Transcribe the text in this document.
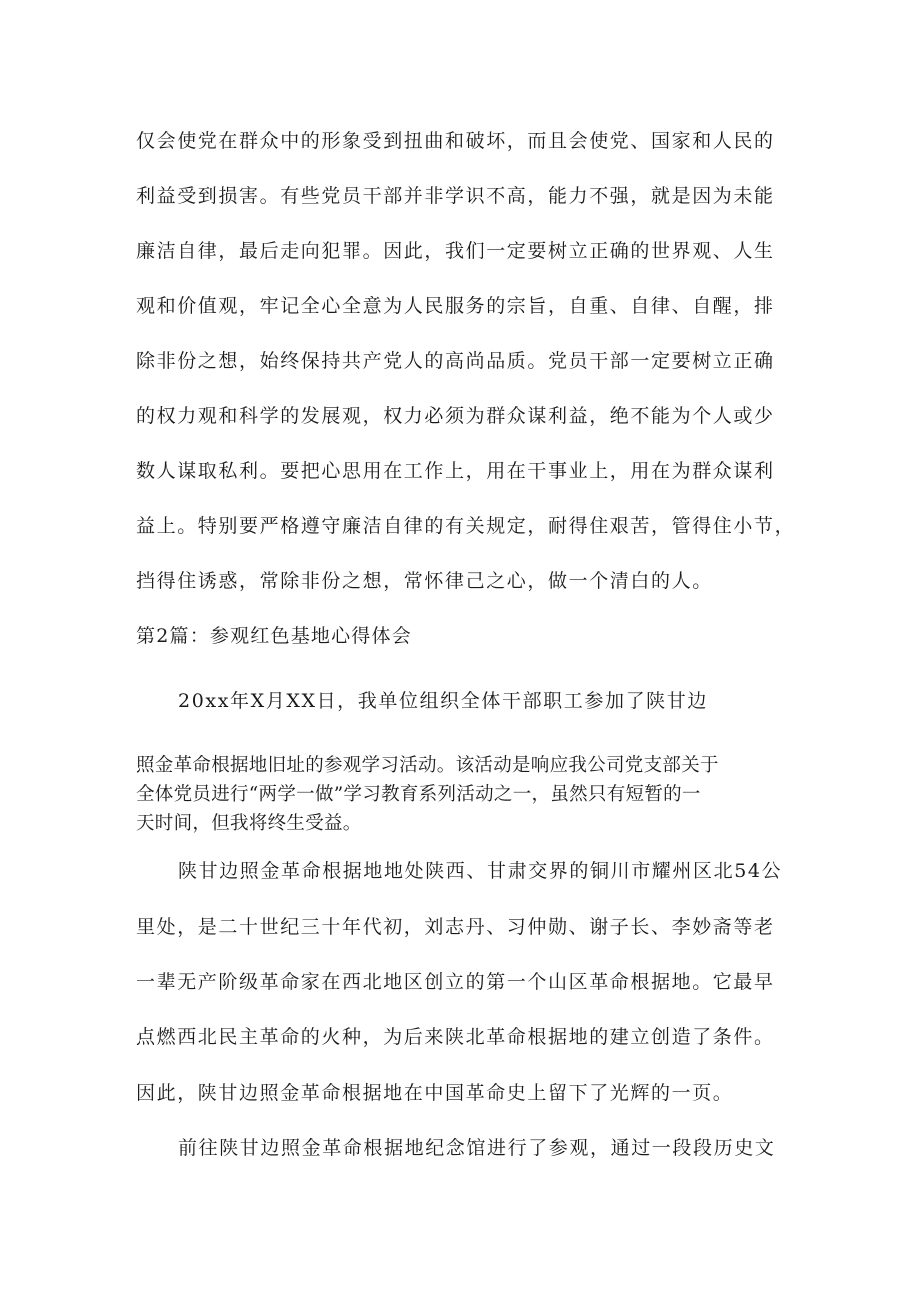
仅会使党在群众中的形象受到扭曲和破坏，而且会使党、国家和人民的
利益受到损害。有些党员干部并非学识不高，能力不强，就是因为未能
廉洁自律，最后走向犯罪。因此，我们一定要树立正确的世界观、人生
观和价值观，牢记全心全意为人民服务的宗旨，自重、自律、自醒，排
除非份之想，始终保持共产党人的高尚品质。党员干部一定要树立正确
的权力观和科学的发展观，权力必须为群众谋利益，绝不能为个人或少
数人谋取私利。要把心思用在工作上，用在干事业上，用在为群众谋利
益上。特别要严格遵守廉洁自律的有关规定，耐得住艰苦，管得住小节，
挡得住诱惑，常除非份之想，常怀律己之心，做一个清白的人。
第2篇：参观红色基地心得体会
20xx年X月XX日，我单位组织全体干部职工参加了陕甘边
照金革命根据地旧址的参观学习活动。该活动是响应我公司党支部关于
全体党员进行“两学一做”学习教育系列活动之一，虽然只有短暂的一
天时间，但我将终生受益。
陕甘边照金革命根据地地处陕西、甘肃交界的铜川市耀州区北54公
里处，是二十世纪三十年代初，刘志丹、习仲勋、谢子长、李妙斋等老
一辈无产阶级革命家在西北地区创立的第一个山区革命根据地。它最早
点燃西北民主革命的火种，为后来陕北革命根据地的建立创造了条件。
因此，陕甘边照金革命根据地在中国革命史上留下了光辉的一页。
前往陕甘边照金革命根据地纪念馆进行了参观，通过一段段历史文
